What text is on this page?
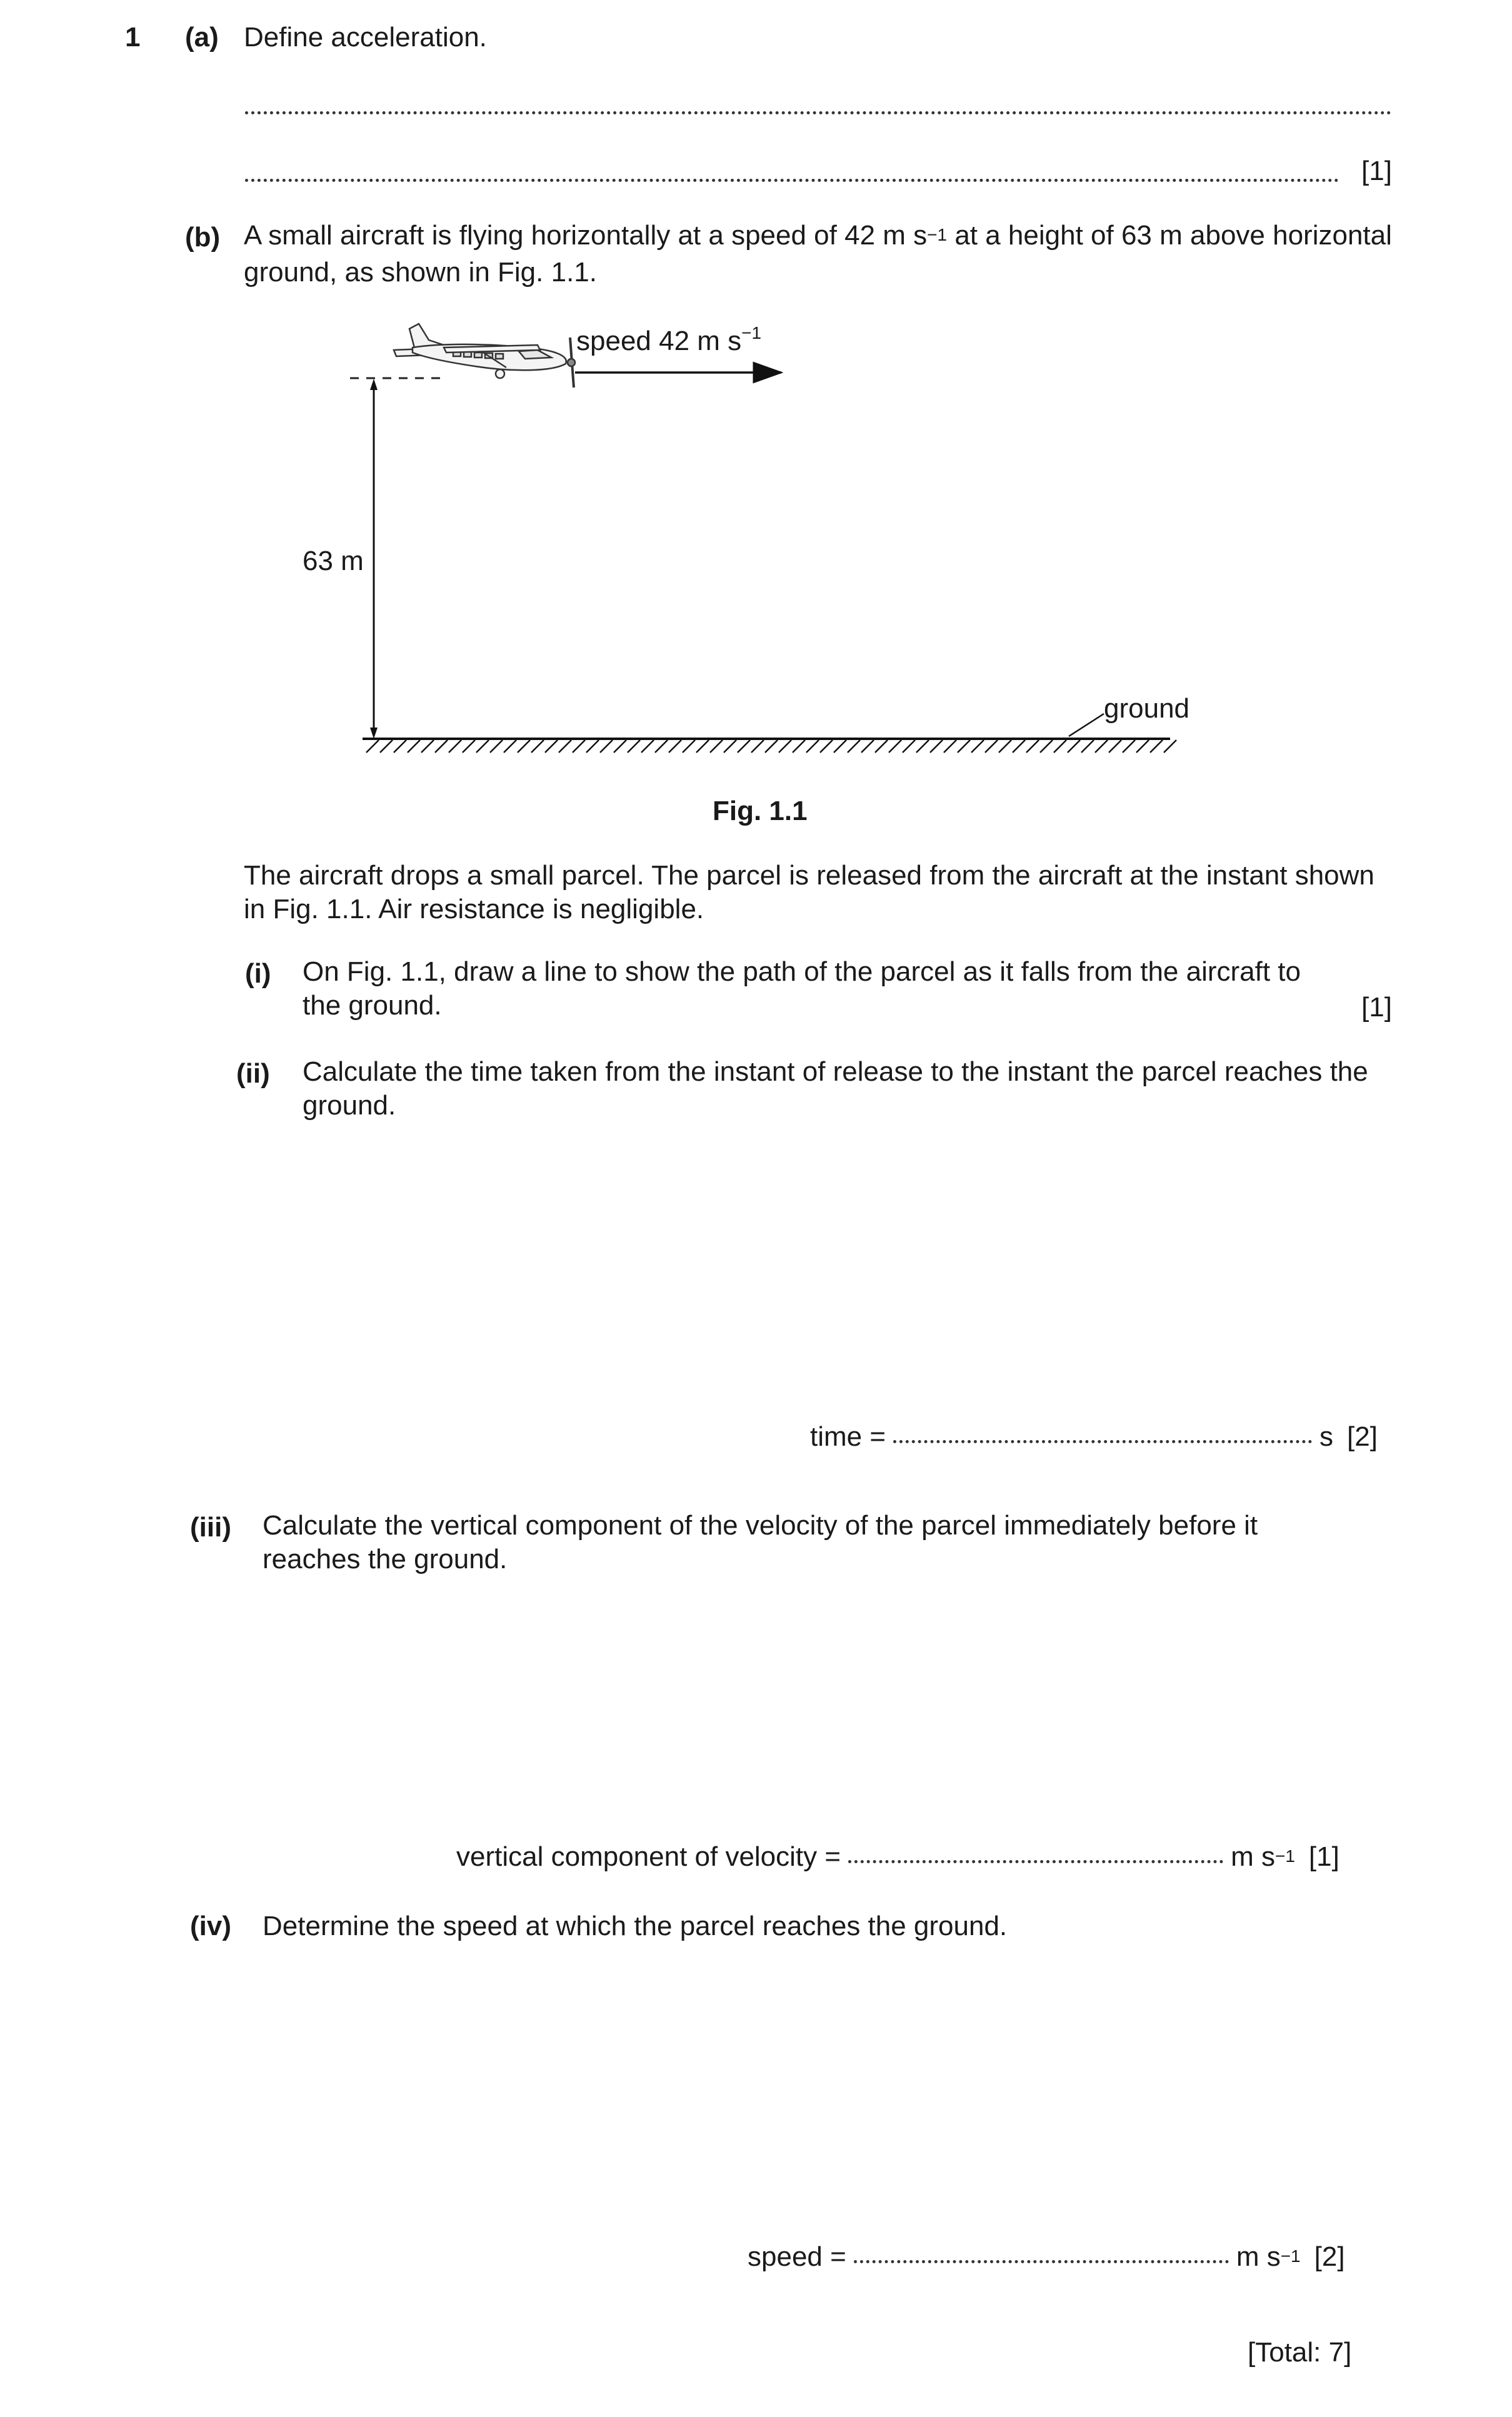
1 (a) Define acceleration.
[1]
(b) A small aircraft is flying horizontally at a speed of 42 m $s^{-1}$ at a height of 63 m above horizontal ground, as shown in Fig. 1.1.
speed 42 m $s^{-1}$
63 m
ground
Fig. 1.1
The aircraft drops a small parcel. The parcel is released from the aircraft at the instant shown in Fig. 1.1. Air resistance is negligible.
(i) On Fig. 1.1, draw a line to show the path of the parcel as it falls from the aircraft to the ground.	[1]
(ii) Calculate the time taken from the instant of release to the instant the parcel reaches the ground.
time =	s [2]
(iii) Calculate the vertical component of the velocity of the parcel immediately before it reaches the ground.
vertical component of velocity =	m $s^{-1}$ [1]
(iv) Determine the speed at which the parcel reaches the ground.
speed =	m $s^{-1}$ [2]
[Total: 7]
